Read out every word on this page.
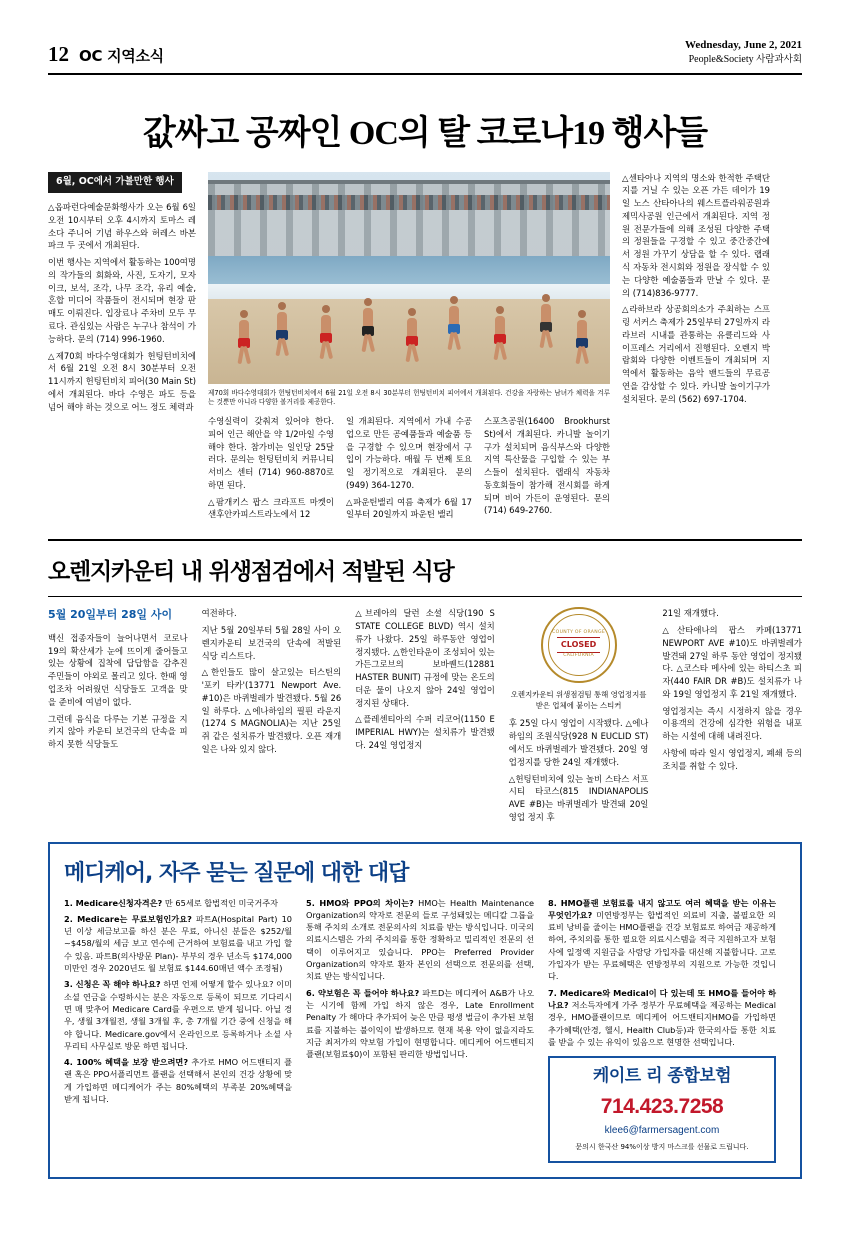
12 OC 지역소식
Wednesday, June 2, 2021
People&Society 사람과사회
값싸고 공짜인 OC의 탈 코로나19 행사들
6월, OC에서 가볼만한 행사

△옵파런다예술문화행사가 오는 6월 6일 오전 10시부터 오후 4시까지 토마스 레소다 주니어 기념 하우스와 허레스 바본파크 두 곳에서 개최된다.

이번 행사는 지역에서 활동하는 100여명의 작가들의 회화와, 사진, 도자기, 모자이크, 보석, 조각, 나무 조각, 유리 예술, 혼합 미디어 작품들이 전시되며 현장 판매도 이뤄진다. 입장료나 주차비 모두 무료다. 관심있는 사람은 누구나 참석이 가능하다. 문의 (714) 996-1960.

△제70회 바다수영대회가 헌팅턴비치에서 6월 21일 오전 8시 30분부터 오전 11시까지 헌팅턴비치 피어(30 Main St)에서 개최된다. 바다 수영은 파도 등을 넘어 해야 하는 것으로 어느 정도 체력과

제70회 바다수영대회가 헌팅턴비치에서 6월 21일 오전 8시 30분부터 헌팅턴비치 피어에서 개최된다. 건강을 자랑하는 남녀가 체력을 겨루는 것뿐만 아니라 다양한 볼거리를 제공한다.

수영실력이 갖춰져 있어야 한다. 피어 인근 해안을 약 1/2마일 수영해야 한다. 참가비는 일인당 25달러다. 문의는 헌팅턴비치 커뮤니티 서비스 센터 (714) 960-8870로 하면 된다.

△팜개키스 팝스 크라프트 마켓이 샌후안카피스트라노에서 12

일 개최된다. 지역에서 가내 수공업으로 만든 공예품들과 예술품 등을 구경할 수 있으며 현장에서 구입이 가능하다. 매월 두 번째 토요일 정기적으로 개최된다. 문의 (949) 364-1270.

△파운틴밸리 여름 축제가 6월 17일부터 20일까지 파운틴 밸리

스포츠공원(16400 Brookhurst St)에서 개최된다. 카니발 놀이기구가 설치되며 음식부스와 다양한 지역 특산물을 구입할 수 있는 부스들이 설치된다. 랩래식 자동차 동호회들이 참가해 전시회를 하게 되며 비어 가든이 운영된다. 문의(714) 649-2760.

△센타아나 지역의 명소와 한적한 주택단지를 거닐 수 있는 오픈 가든 데이가 19일 노스 산타아나의 웨스트플라워공원과 제믹사공원 인근에서 개최된다. 지역 정원 전문가들에 의해 조성된 다양한 주택의 정원들을 구경할 수 있고 중간중간에서 정원 가꾸기 상담을 할 수 있다. 랩래식 자동차 전시회와 정원을 장식할 수 있는 다양한 예술품들과 만날 수 있다. 문의 (714)836-9777.

△라하브라 상공회의소가 주최하는 스프링 서커스 축제가 25일부터 27일까지 라라브러 시내를 관통하는 유클리드와 사이프레스 거리에서 진행된다. 오렌지 박람회와 다양한 이벤트들이 개최되며 지역에서 활동하는 음악 밴드들의 무료공연을 감상할 수 있다. 카니발 놀이기구가 설치된다. 문의 (562) 697-1704.

오렌지카운티 내 위생점검에서 적발된 식당
5월 20일부터 28일 사이

백신 접종자들이 늘어나면서 코로나19의 확산세가 눈에 뜨이게 줄어들고 있는 상황에 집착에 답답함을 감추진 주민들이 야외로 몰리고 있다. 한때 영업조차 어려웠던 식당들도 고객을 맞을 준비에 여념이 없다.

그런데 음식을 다루는 기본 규정을 지키지 않아 카운티 보건국의 단속을 피하지 못한 식당들도

여전하다.

지난 5월 20일부터 5월 28일 사이 오렌지카운티 보건국의 단속에 적발된 식당 리스트다.

△한인들도 많이 살고있는 터스틴의 '포키 타카'(13771 Newport Ave. #10)은 바퀴벌레가 발견됐다. 5월 26일 하루다. △에나하임의 필핀 라운지(1274 S MAGNOLIA)는 지난 25일 쥐 같은 설치류가 발견됐다. 오픈 재개일은 나와 있지 않다.

△브레아의 달런 소셜 식당(190 S STATE COLLEGE BLVD) 역시 설치류가 나왔다. 25일 하루동안 영업이 정지됐다. △한인타운이 조성되어 있는 가든그로브의 보바퀜드(12881 HASTER BUNIT) 규정에 맞는 온도의 더운 물이 나오지 않아 24일 영업이 정지된 상태다.

△플레센티아의 수퍼 리코어(1150 E IMPERIAL HWY)는 설치류가 발견됐다. 24일 영업정지

COUNTY OF ORANGE
CLOSED
CALIFORNIA
오렌지카운티 위생점검팀 통해 영업정지를 받은 업체에 붙이는 스티커

후 25일 다시 영업이 시작됐다. △에나하임의 조원식당(928 N EUCLID ST)에서도 바퀴벌레가 발견됐다. 20일 영업정지를 당한 24일 재개했다.

△헌팅턴비치에 있는 놀비 스타스 서프 시티 타코스(815 INDIANAPOLIS AVE #B)는 바퀴벌레가 발견돼 20일 영업 정지 후

21일 재개했다.

△산타애나의 팝스 카페(13771 NEWPORT AVE #10)도 바퀴벌레가 발견돼 27일 하루 동안 영업이 정지됐다. △코스타 메사에 있는 하티스초 피자(440 FAIR DR #B)도 설치류가 나와 19일 영업정지 후 21일 재개했다.

영업정지는 즉시 시정하지 않을 경우 이용객의 건강에 심각한 위험을 내포하는 시설에 대해 내려진다.

사항에 따라 일시 영업정지, 폐쇄 등의 조치를 취할 수 있다.

메디케어, 자주 묻는 질문에 대한 대답

1. Medicare신청자격은? 만 65세로 합법적인 미국거주자

2. Medicare는 무료보험인가요? 파트A(Hospital Part) 10년 이상 세금보고를 하신 분은 무료, 아니신 분들은 $252/월~$458/월의 세금 보고 연수에 근거하여 보험료를 내고 가입 할수 있음. 파트B(의사방문 Plan)- 부부의 경우 년소득 $174,000 미만인 경우 2020년도 월 보험료 $144.60매년 액수 조정됨)

3. 신청은 꼭 해야 하나요? 하면 언제 어떻게 할수 있나요? 이미 소셜 연금을 수령하시는 분은 자동으로 등록이 되므로 기다리시면 매 맞추어 Medicare Card를 우편으로 받게 됩니다. 아닐 경우, 생월 3개월전, 생월 3개월 후, 총 7개월 기간 중에 신청을 해야 합니다. Medicare.gov에서 온라인으로 등록하거나 소셜 사무리티 사무실로 방문 하면 됩니다.

4. 100% 혜택을 보장 받으려면? 추가로 HMO 어드밴티지 플랜 혹은 PPO서플리먼트 플랜을 선택해서 본인의 건강 상황에 맞게 가입하면 메디케어가 주는 80%혜택의 부족분 20%혜택을 받게 됩니다.

5. HMO와 PPO의 차이는? HMO는 Health Maintenance Organization의 약자로 전문의 들로 구성돼있는 메디칼 그룹을 통해 주치의 소개로 전문의사의 치료를 받는 방식입니다. 미국의 의료시스템은 가의 주치의를 통한 정확하고 밀리적인 전문의 선택이 이루어지고 있습니다. PPO는 Preferred Provider Organization의 약자로 환자 본인의 선택으로 전문의를 선택, 치료 받는 방식입니다.

6. 약보험은 꼭 들어야 하나요? 파트D는 메디케어 A&B가 나오는 시기에 함께 가입 하지 않은 경우, Late Enrollment Penalty 가 해마다 추가되어 늦은 만큼 평생 벌금이 추가된 보험료를 지불하는 불이익이 발생하므로 현재 복용 약이 없을지라도 지금 최저가의 약보험 가입이 현명합니다. 메디케어 어드벤티지 플랜(보험료$0)이 포함된 판리한 방법입니다.

8. HMO플랜 보험료를 내지 않고도 여러 혜택을 받는 이유는 무엇인가요? 미연방정부는 합법적인 의료비 지출, 불필요한 의료비 낭비를 줄이는 HMO플랜을 건강 보험료로 하여금 재공하게 하여, 주치의를 통한 필요한 의료시스템을 적극 지원하고자 보험사에 일정액 지원금을 사람당 가입자를 대신해 지불합니다. 고로 가입자가 받는 무료혜택은 연방정부의 지원으로 가능한 것입니다.

7. Medicare와 Medical이 다 있는데 또 HMO를 들어야 하나요? 저소득자에게 가주 정부가 무료혜택을 제공하는 Medical 경우, HMO플랜이므로 메디케어 어드밴티지HMO를 가입하면 추가혜택(안경, 헬시, Health Club등)과 한국의사들 통한 치료를 받을 수 있는 유익이 있음으로 현명한 선택입니다.

케이트 리 종합보험
714.423.7258
klee6@farmersagent.com
문의시 한국산 94%이상 방지 마스크를 선물로 드립니다.
